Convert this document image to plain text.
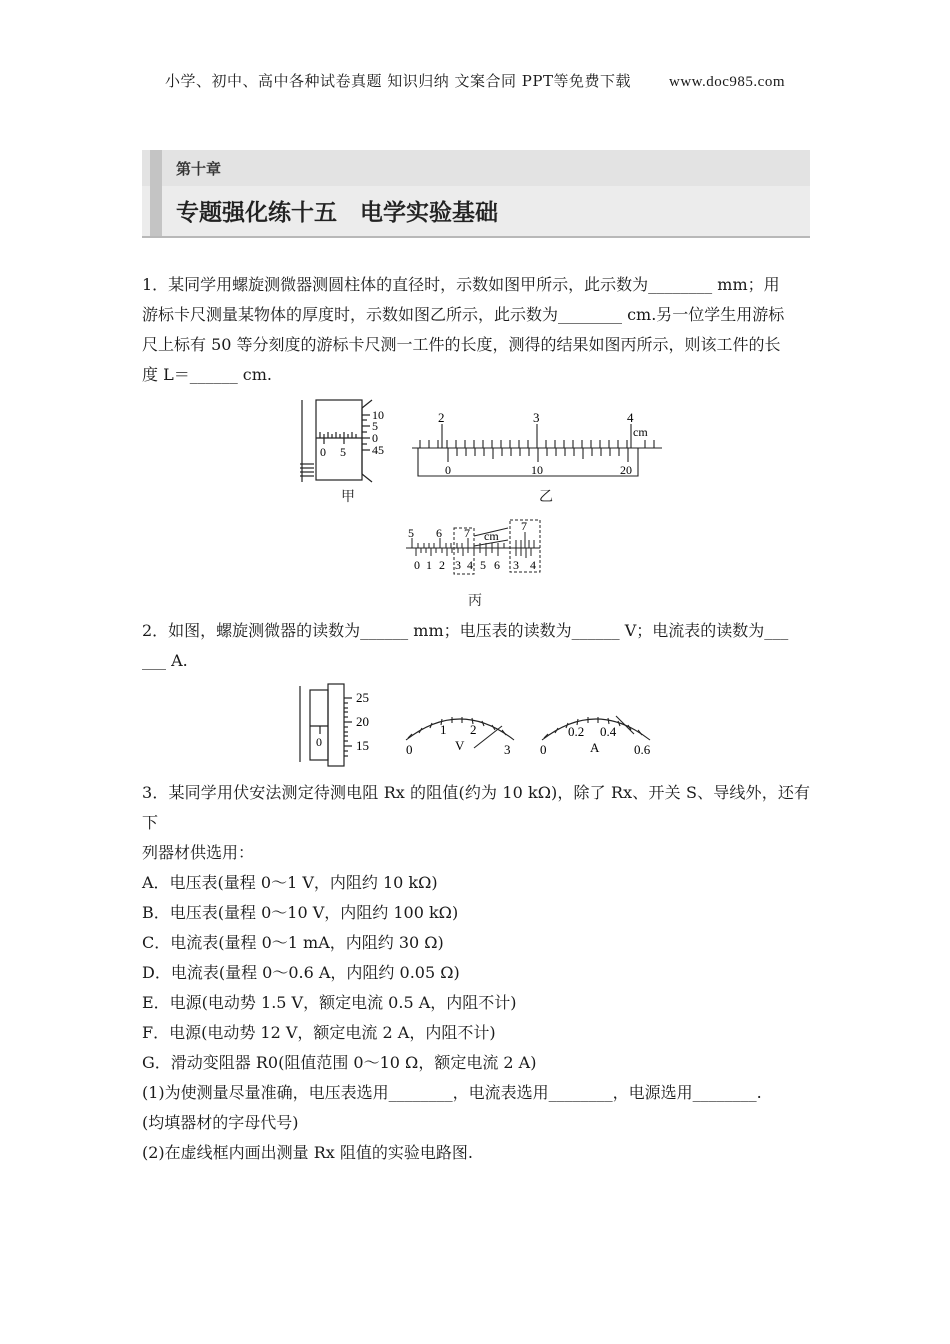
小学、初中、高中各种试卷真题 知识归纳 文案合同 PPT等免费下载	www.doc985.com
第十章
专题强化练十五　电学实验基础

1．某同学用螺旋测微器测圆柱体的直径时，示数如图甲所示，此示数为________ mm；用

游标卡尺测量某物体的厚度时，示数如图乙所示，此示数为________ cm.另一位学生用游标

尺上标有 50 等分刻度的游标卡尺测一工件的长度，测得的结果如图丙所示，则该工件的长

度 L＝______ cm.

10
5
0
45
0 5
甲
2	3	4
cm
0	10	20
乙
5 6 7 cm
0 1 2 3 4 5 6
7
3 4
丙

2．如图，螺旋测微器的读数为______ mm；电压表的读数为______ V；电流表的读数为___

___ A.

25
20
15
0	0
1 2
3
V	0
0.2 0.4
0.6
A

3．某同学用伏安法测定待测电阻 Rx 的阻值(约为 10 kΩ)，除了 Rx、开关 S、导线外，还有下

列器材供选用：

A．电压表(量程 0～1 V，内阻约 10 kΩ)

B．电压表(量程 0～10 V，内阻约 100 kΩ)

C．电流表(量程 0～1 mA，内阻约 30 Ω)

D．电流表(量程 0～0.6 A，内阻约 0.05 Ω)

E．电源(电动势 1.5 V，额定电流 0.5 A，内阻不计)

F．电源(电动势 12 V，额定电流 2 A，内阻不计)

G．滑动变阻器 R0(阻值范围 0～10 Ω，额定电流 2 A)

(1)为使测量尽量准确，电压表选用________，电流表选用________，电源选用________.

(均填器材的字母代号)

(2)在虚线框内画出测量 Rx 阻值的实验电路图.
